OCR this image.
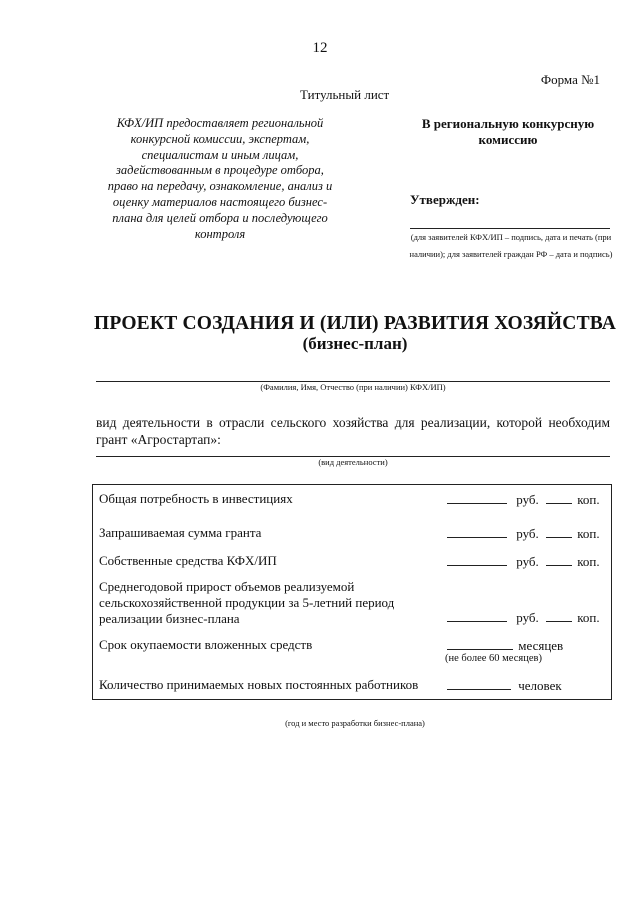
12
Форма №1
Титульный лист
КФХ/ИП предоставляет региональной конкурсной комиссии, экспертам, специалистам и иным лицам, задействованным в процедуре отбора, право на передачу, ознакомление, анализ и оценку материалов настоящего бизнес-плана для целей отбора и последующего контроля
В региональную конкурсную комиссию
Утвержден:
(для заявителей КФХ/ИП – подпись, дата и печать (при наличии); для заявителей граждан РФ – дата и подпись)
ПРОЕКТ СОЗДАНИЯ И (ИЛИ) РАЗВИТИЯ ХОЗЯЙСТВА
(бизнес-план)
(Фамилия, Имя, Отчество (при наличии) КФХ/ИП)
вид деятельности в отрасли сельского хозяйства для реализации, которой необходим грант «Агростартап»:
(вид деятельности)
Общая потребность в инвестициях	руб.	коп.
Запрашиваемая сумма гранта	руб.	коп.
Собственные средства КФХ/ИП	руб.	коп.
Среднегодовой прирост объемов реализуемой сельскохозяйственной продукции за 5-летний период реализации бизнес-плана	руб.	коп.
Срок окупаемости вложенных средств	месяцев
(не более 60 месяцев)
Количество принимаемых новых постоянных работников	человек
(год и место разработки бизнес-плана)
